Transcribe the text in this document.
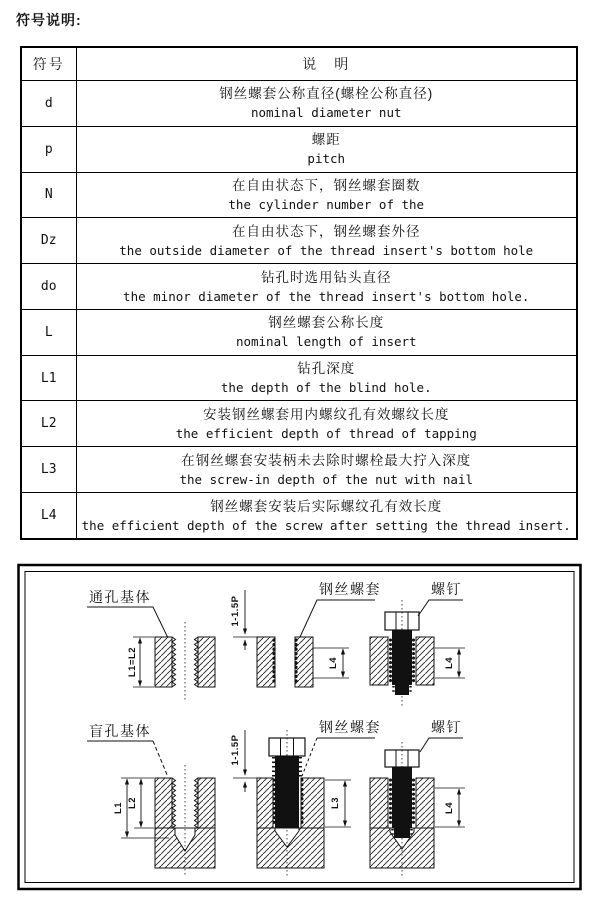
符号说明:
符号	说　明
d	钢丝螺套公称直径(螺栓公称直径)
nominal diameter nut

p	螺距
pitch

N	在自由状态下，钢丝螺套圈数
the cylinder number of the

Dz	在自由状态下，钢丝螺套外径
the outside diameter of the thread insert's bottom hole

do	钻孔时选用钻头直径
the minor diameter of the thread insert's bottom hole.

L	钢丝螺套公称长度
nominal length of insert

L1	钻孔深度
the depth of the blind hole.

L2	安装钢丝螺套用内螺纹孔有效螺纹长度
the efficient depth of thread of tapping

L3	在钢丝螺套安装柄未去除时螺栓最大拧入深度
the screw-in depth of the nut with nail

L4	钢丝螺套安装后实际螺纹孔有效长度
the efficient depth of the screw after setting the thread insert.
通孔基体
L1=L2
1-1.5P
钢丝螺套
L4
螺钉
L4
盲孔基体
L1 L2
1-1.5P
钢丝螺套
L3
螺钉
L4
